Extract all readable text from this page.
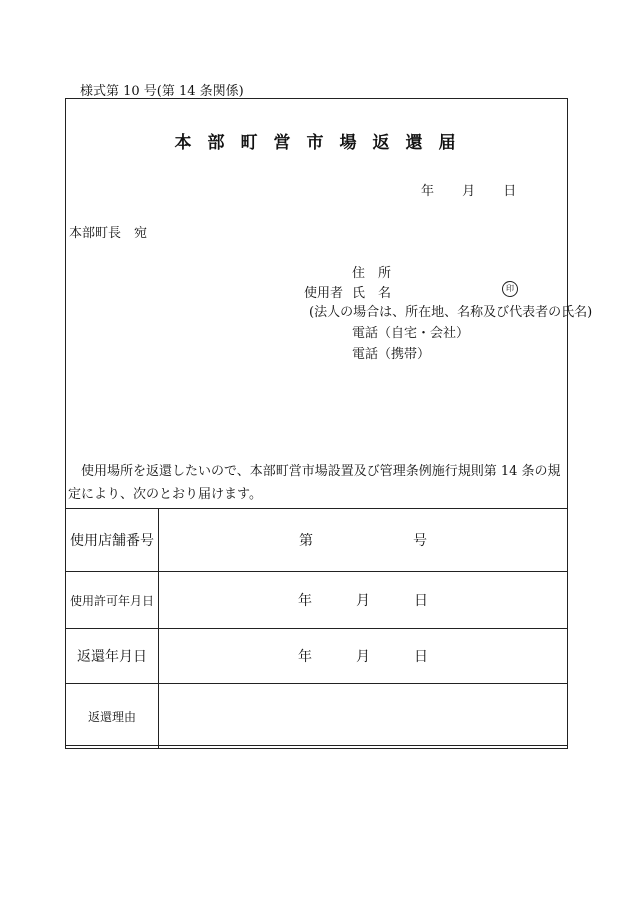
様式第 10 号(第 14 条関係)
本部町営市場返還届
年 月 日
本部町長　宛
住　所
使用者 氏　名	印
(法人の場合は、所在地、名称及び代表者の氏名)
電話（自宅・会社）
電話（携帯）
使用場所を返還したいので、本部町営市場設置及び管理条例施行規則第 14 条の規定により、次のとおり届けます。
使用店舗番号	第 号
使用許可年月日	年 月 日
返還年月日	年 月 日
返還理由	
